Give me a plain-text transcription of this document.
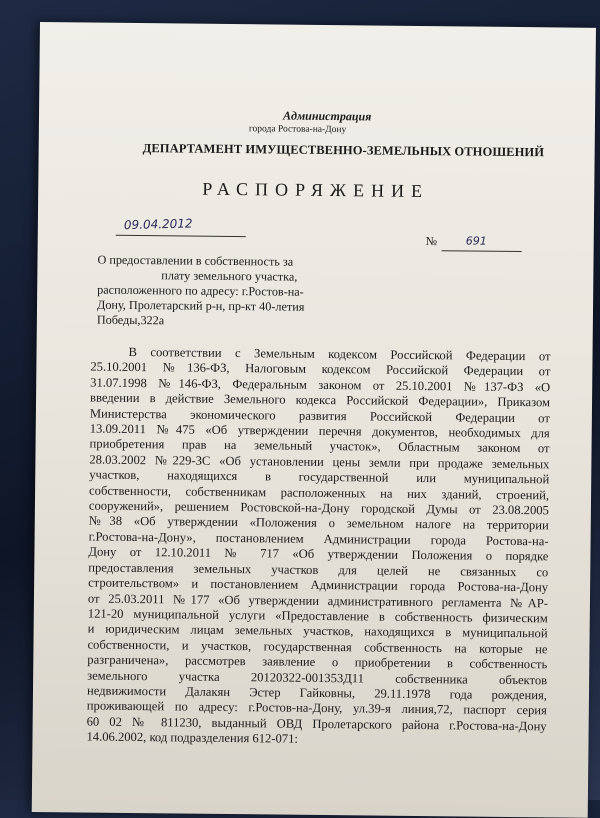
Администрация
города Ростова-на-Дону
ДЕПАРТАМЕНТ ИМУЩЕСТВЕННО-ЗЕМЕЛЬНЫХ ОТНОШЕНИЙ
РАСПОРЯЖЕНИЕ
09.04.2012
№	691
О предоставлении в собственность за
плату земельного участка,
расположенного по адресу: г.Ростов-на-
Дону, Пролетарский р-н, пр-кт 40-летия
Победы,322а
В соответствии с Земельным кодексом Российской Федерации от
25.10.2001 №136-ФЗ, Налоговым кодексом Российской Федерации от
31.07.1998 №146-ФЗ, Федеральным законом от 25.10.2001 №137-ФЗ «О
введении в действие Земельного кодекса Российской Федерации», Приказом
Министерства экономического развития Российской Федерации от
13.09.2011 №475 «Об утверждении перечня документов, необходимых для
приобретения прав на земельный участок», Областным законом от
28.03.2002 №229-ЗС «Об установлении цены земли при продаже земельных
участков, находящихся в государственной или муниципальной
собственности, собственникам расположенных на них зданий, строений,
сооружений», решением Ростовской-на-Дону городской Думы от 23.08.2005
№38 «Об утверждении «Положения о земельном налоге на территории
г.Ростова-на-Дону», постановлением Администрации города Ростова-на-
Дону от 12.10.2011 № 717 «Об утверждении Положения о порядке
предоставления земельных участков для целей не связанных со
строительством» и постановлением Администрации города Ростова-на-Дону
от 25.03.2011 №177 «Об утверждении административного регламента №АР-
121-20 муниципальной услуги «Предоставление в собственность физическим
и юридическим лицам земельных участков, находящихся в муниципальной
собственности, и участков, государственная собственность на которые не
разграничена», рассмотрев заявление о приобретении в собственность
земельного участка 20120322-001353Д11 собственника объектов
недвижимости Далакян Эстер Гайковны, 29.11.1978 года рождения,
проживающей по адресу: г.Ростов-на-Дону, ул.39-я линия,72, паспорт серия
60 02 № 811230, выданный ОВД Пролетарского района г.Ростова-на-Дону
14.06.2002, код подразделения 612-071:
